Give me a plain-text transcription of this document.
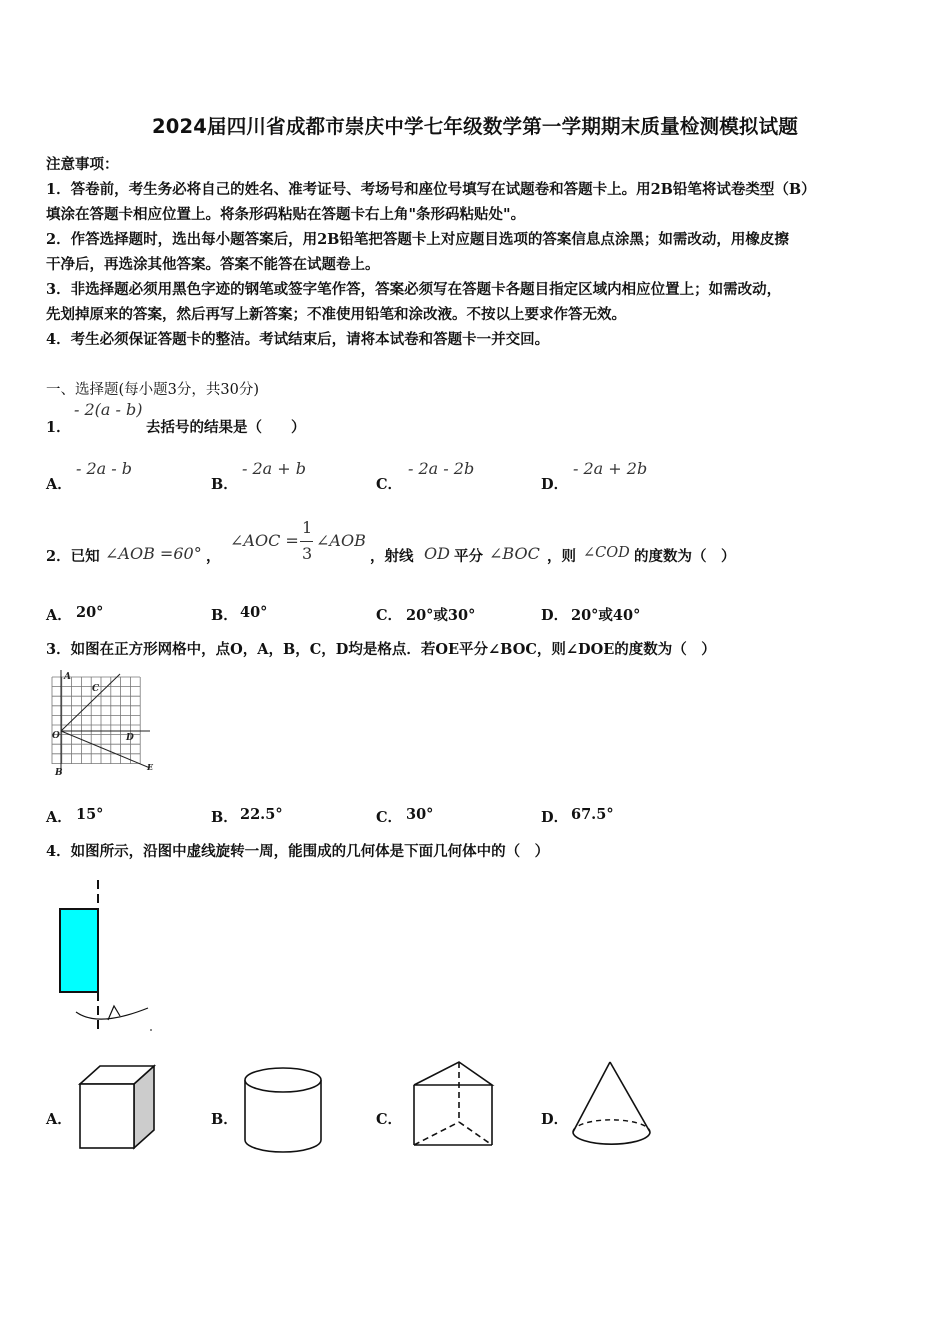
2024届四川省成都市崇庆中学七年级数学第一学期期末质量检测模拟试题
注意事项：
1．答卷前，考生务必将自己的姓名、准考证号、考场号和座位号填写在试题卷和答题卡上。用2B铅笔将试卷类型（B）
填涂在答题卡相应位置上。将条形码粘贴在答题卡右上角"条形码粘贴处"。
2．作答选择题时，选出每小题答案后，用2B铅笔把答题卡上对应题目选项的答案信息点涂黑；如需改动，用橡皮擦
干净后，再选涂其他答案。答案不能答在试题卷上。
3．非选择题必须用黑色字迹的钢笔或签字笔作答，答案必须写在答题卡各题目指定区域内相应位置上；如需改动，
先划掉原来的答案，然后再写上新答案；不准使用铅笔和涂改液。不按以上要求作答无效。
4．考生必须保证答题卡的整洁。考试结束后，请将本试卷和答题卡一并交回。
一、选择题(每小题3分，共30分)
1．
- 2(a - b)
去括号的结果是（　　）
A．
- 2a - b
B．
- 2a + b
C．
- 2a - 2b
D．
- 2a + 2b
2．已知 ∠AOB =60° ，
∠AOC =
1
3
∠AOB
，射线 OD 平分 ∠BOC ，则 ∠COD 的度数为（　）
A． 20°	B． 40°	C． 20°或30°	D． 20°或40°
3．如图在正方形网格中，点O，A，B，C，D均是格点．若OE平分∠BOC，则∠DOE的度数为（　）
A
C
O	D
B
E
A． 15°	B． 22.5°	C． 30°	D． 67.5°
4．如图所示，沿图中虚线旋转一周，能围成的几何体是下面几何体中的（　）
A．	B．	C．	D．
